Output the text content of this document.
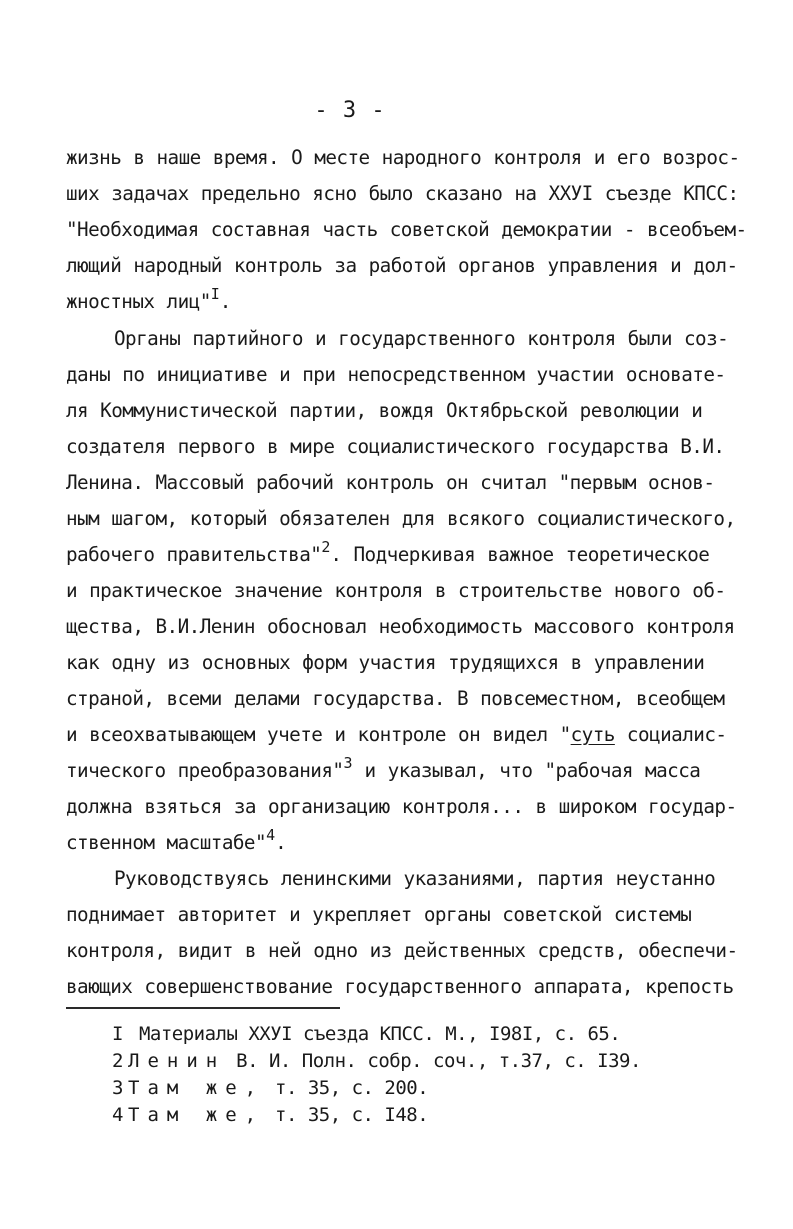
- 3 -
жизнь в наше время. О месте народного контроля и его возрос-
ших задачах предельно ясно было сказано на XXУI съезде КПСС:
"Необходимая составная часть советской демократии - всеобъем-
лющий народный контроль за работой органов управления и дол-
жностных лиц"$^I$.
Органы партийного и государственного контроля были соз-
даны по инициативе и при непосредственном участии основате-
ля Коммунистической партии, вождя Октябрьской революции и
создателя первого в мире социалистического государства В.И.
Ленина. Массовый рабочий контроль он считал "первым основ-
ным шагом, который обязателен для всякого социалистического,
рабочего правительства"$^2$. Подчеркивая важное теоретическое
и практическое значение контроля в строительстве нового об-
щества, В.И.Ленин обосновал необходимость массового контроля
как одну из основных форм участия трудящихся в управлении
страной, всеми делами государства. В повсеместном, всеобщем
и всеохватывающем учете и контроле он видел "суть социалис-
тического преобразования"$^3$ и указывал, что "рабочая масса
должна взяться за организацию контроля... в широком государ-
ственном масштабе"$^4$.
Руководствуясь ленинскими указаниями, партия неустанно
поднимает авторитет и укрепляет органы советской системы
контроля, видит в ней одно из действенных средств, обеспечи-
вающих совершенствование государственного аппарата, крепость
I Материалы XXУI съезда КПСС. М., I98I, с. 65.
2 Ленин В. И. Полн. собр. соч., т.37, с. I39.
3 Там же, т. 35, с. 200.
4 Там же, т. 35, с. I48.
